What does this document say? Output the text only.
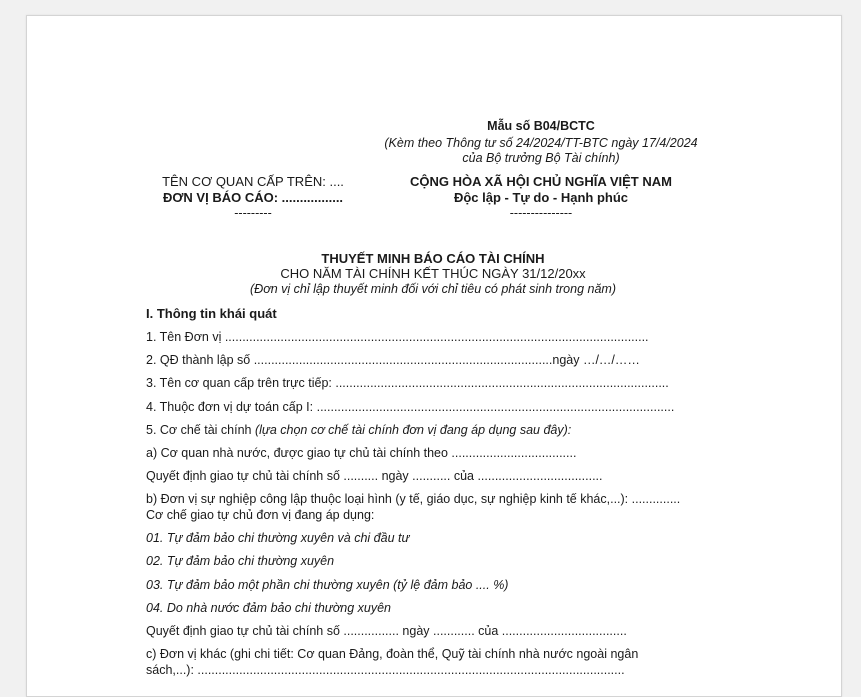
Mẫu số B04/BCTC
(Kèm theo Thông tư số 24/2024/TT-BTC ngày 17/4/2024
của Bộ trưởng Bộ Tài chính)
TÊN CƠ QUAN CẤP TRÊN: ....
ĐƠN VỊ BÁO CÁO: .................
---------
CỘNG HÒA XÃ HỘI CHỦ NGHĨA VIỆT NAM
Độc lập - Tự do - Hạnh phúc
---------------
THUYẾT MINH BÁO CÁO TÀI CHÍNH
CHO NĂM TÀI CHÍNH KẾT THÚC NGÀY 31/12/20xx
(Đơn vị chỉ lập thuyết minh đối với chỉ tiêu có phát sinh trong năm)
I. Thông tin khái quát
1. Tên Đơn vị ..........................................................................................................................
2. QĐ thành lập số ......................................................................................ngày …/…/……
3. Tên cơ quan cấp trên trực tiếp: ................................................................................................
4. Thuộc đơn vị dự toán cấp I: .......................................................................................................
5. Cơ chế tài chính (lựa chọn cơ chế tài chính đơn vị đang áp dụng sau đây):
a) Cơ quan nhà nước, được giao tự chủ tài chính theo ....................................
Quyết định giao tự chủ tài chính số .......... ngày ........... của ....................................
b) Đơn vị sự nghiệp công lập thuộc loại hình (y tế, giáo dục, sự nghiệp kinh tế khác,...): ..............
Cơ chế giao tự chủ đơn vị đang áp dụng:
01. Tự đảm bảo chi thường xuyên và chi đầu tư
02. Tự đảm bảo chi thường xuyên
03. Tự đảm bảo một phần chi thường xuyên (tỷ lệ đảm bảo .... %)
04. Do nhà nước đảm bảo chi thường xuyên
Quyết định giao tự chủ tài chính số ................ ngày ............ của ....................................
c) Đơn vị khác (ghi chi tiết: Cơ quan Đảng, đoàn thể, Quỹ tài chính nhà nước ngoài ngân
sách,...): ...........................................................................................................................
